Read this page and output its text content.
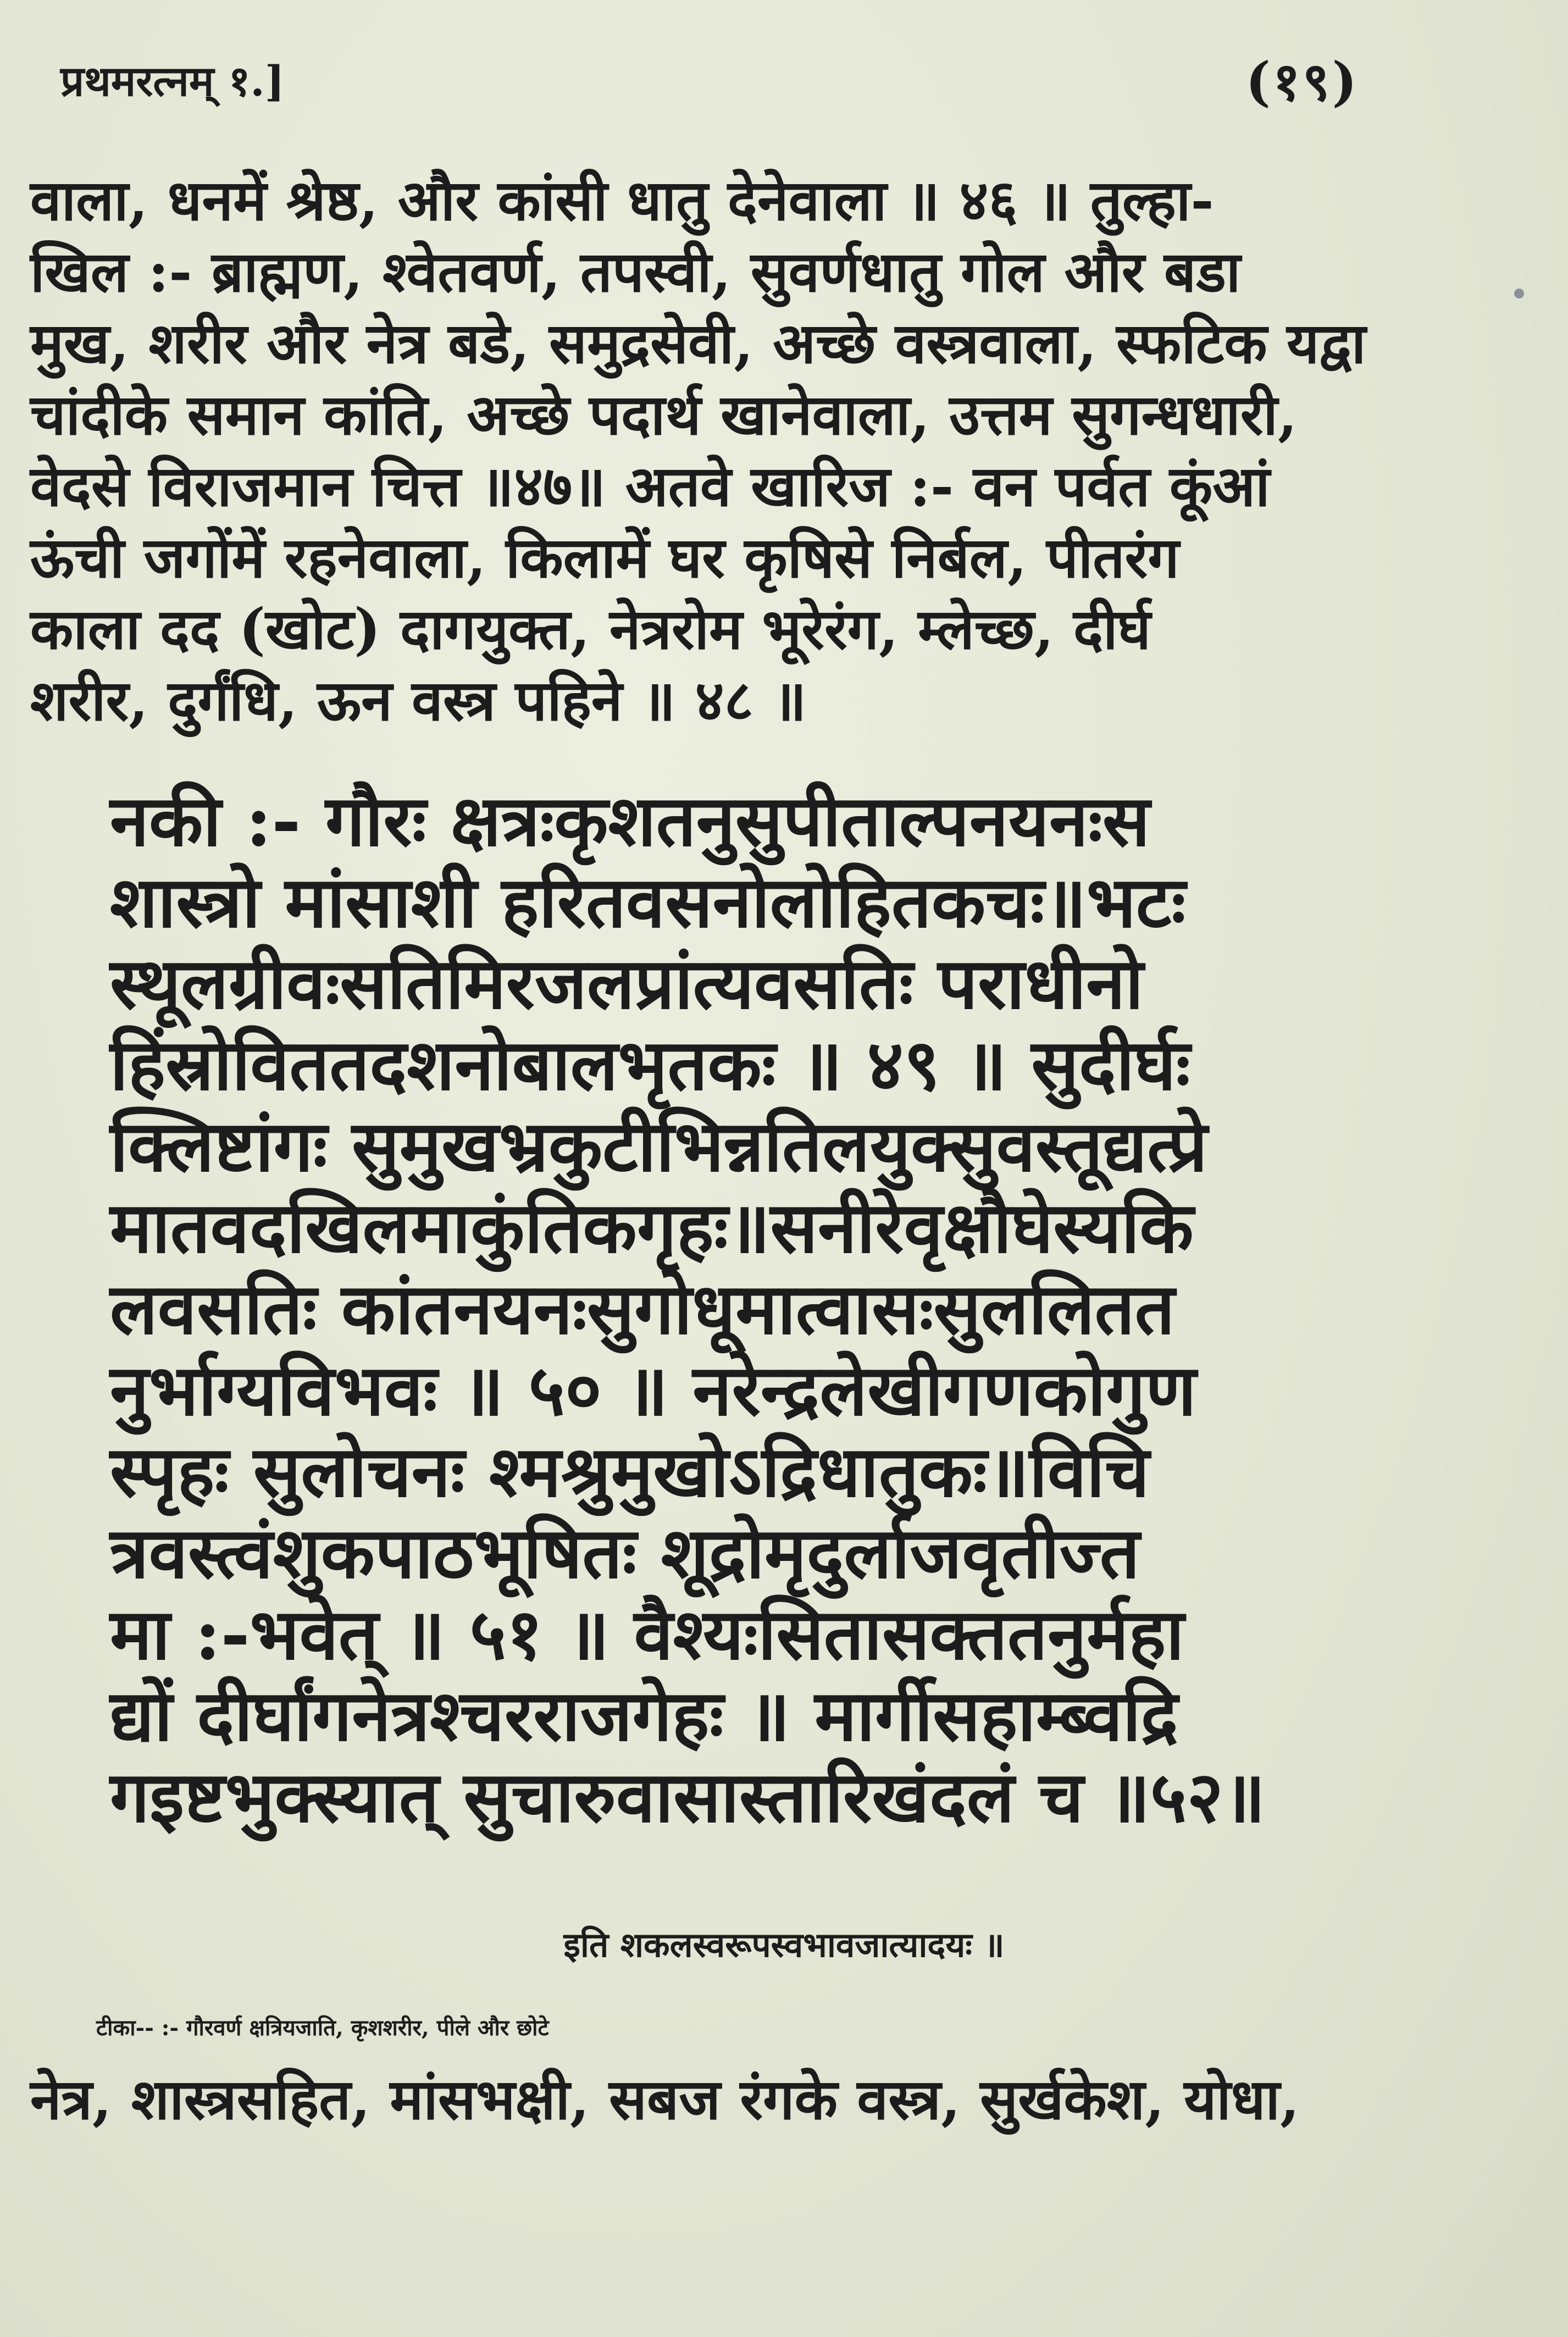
प्रथमरत्नम् १.]	(१९)
वाला, धनमें श्रेष्ठ, और कांसी धातु देनेवाला ॥ ४६ ॥ तुल्हा-
खिल :- ब्राह्मण, श्वेतवर्ण, तपस्वी, सुवर्णधातु गोल और बडा
मुख, शरीर और नेत्र बडे, समुद्रसेवी, अच्छे वस्त्रवाला, स्फटिक यद्वा
चांदीके समान कांति, अच्छे पदार्थ खानेवाला, उत्तम सुगन्धधारी,
वेदसे विराजमान चित्त ॥४७॥ अतवे खारिज :- वन पर्वत कूंआं
ऊंची जगोंमें रहनेवाला, किलामें घर कृषिसे निर्बल, पीतरंग
काला दद (खोट) दागयुक्त, नेत्ररोम भूरेरंग, म्लेच्छ, दीर्घ
शरीर, दुर्गंधि, ऊन वस्त्र पहिने ॥ ४८ ॥
नकी :- गौरः क्षत्रःकृशतनुसुपीताल्पनयनःस
शास्त्रो मांसाशी हरितवसनोलोहितकचः॥भटः
स्थूलग्रीवःसतिमिरजलप्रांत्यवसतिः पराधीनो
हिंस्रोविततदशनोबालभृतकः ॥ ४९ ॥ सुदीर्घः
क्लिष्टांगः सुमुखभ्रकुटीभिन्नतिलयुक्सुवस्तूद्यत्प्रे
मातवदखिलमाकुंतिकगृहः॥सनीरेवृक्षौघेस्यकि
लवसतिः कांतनयनःसुगोधूमात्वासःसुललितत
नुर्भाग्यविभवः ॥ ५० ॥ नरेन्द्रलेखीगणकोगुण
स्पृहः सुलोचनः श्मश्रुमुखोऽद्रिधातुकः॥विचि
त्रवस्त्वंशुकपाठभूषितः शूद्रोमृदुर्लाजवृतीज्त
मा :-भवेत् ॥ ५१ ॥ वैश्यःसितासक्ततनुर्महा
द्यों दीर्घांगनेत्रश्चरराजगेहः ॥ मार्गीसहाम्ब्वद्रि
गइष्टभुक्स्यात् सुचारुवासास्तारिखंदलं च ॥५२॥
इति शकलस्वरूपस्वभावजात्यादयः ॥
टीका-- :- गौरवर्ण क्षत्रियजाति, कृशशरीर, पीले और छोटे
नेत्र, शास्त्रसहित, मांसभक्षी, सबज रंगके वस्त्र, सुर्खकेश, योधा,
